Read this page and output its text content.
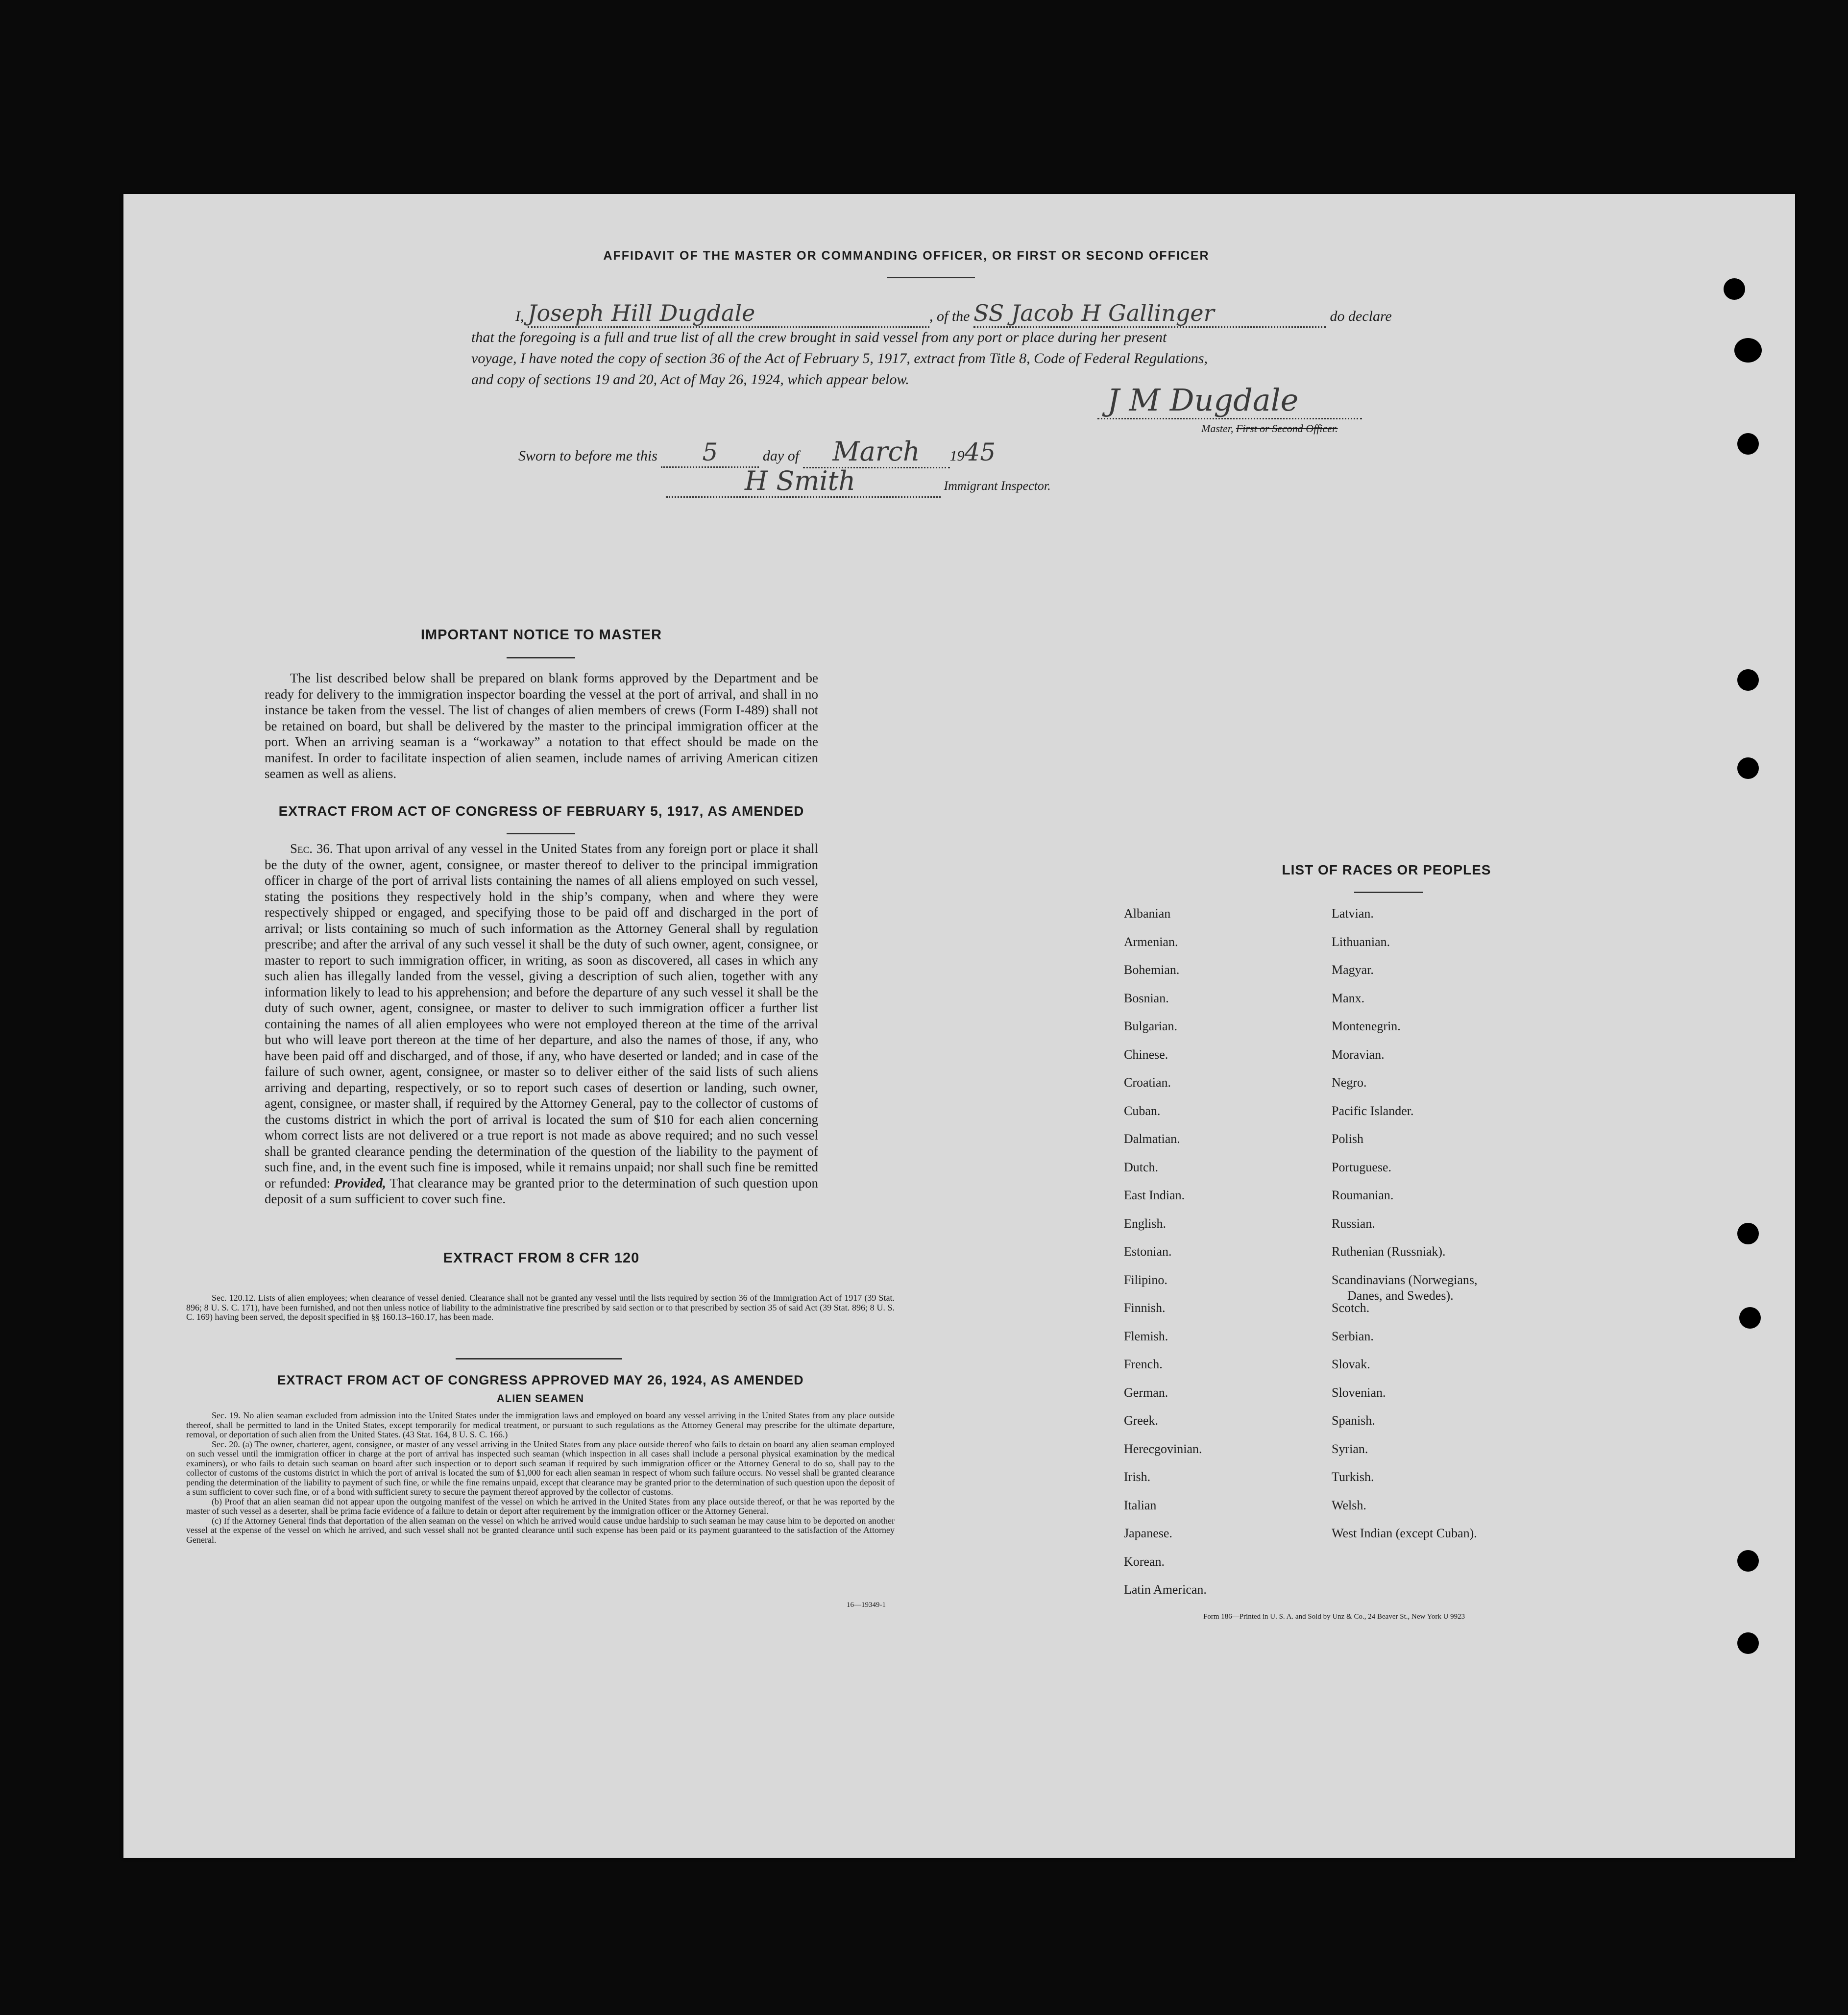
AFFIDAVIT OF THE MASTER OR COMMANDING OFFICER, OR FIRST OR SECOND OFFICER
I, Joseph Hill Dugdale	, of the SS Jacob H Gallinger	do declare
that the foregoing is a full and true list of all the crew brought in said vessel from any port or place during her present
voyage, I have noted the copy of section 36 of the Act of February 5, 1917, extract from Title 8, Code of Federal Regulations,
and copy of sections 19 and 20, Act of May 26, 1924, which appear below.
J M Dugdale
Master, First or Second Officer.
Sworn to before me this 5	day of March 1945
H Smith	Immigrant Inspector.
IMPORTANT NOTICE TO MASTER
The list described below shall be prepared on blank forms approved by the Department and be ready for delivery to the immigration inspector boarding the vessel at the port of arrival, and shall in no instance be taken from the vessel. The list of changes of alien members of crews (Form I-489) shall not be retained on board, but shall be delivered by the master to the principal immigration officer at the port. When an arriving seaman is a “workaway” a notation to that effect should be made on the manifest. In order to facilitate inspection of alien seamen, include names of arriving American citizen seamen as well as aliens.
EXTRACT FROM ACT OF CONGRESS OF FEBRUARY 5, 1917, AS AMENDED
Sec. 36. That upon arrival of any vessel in the United States from any foreign port or place it shall be the duty of the owner, agent, consignee, or master thereof to deliver to the principal immigration officer in charge of the port of arrival lists containing the names of all aliens employed on such vessel, stating the positions they respectively hold in the ship’s company, when and where they were respectively shipped or engaged, and specifying those to be paid off and discharged in the port of arrival; or lists containing so much of such information as the Attorney General shall by regulation prescribe; and after the arrival of any such vessel it shall be the duty of such owner, agent, consignee, or master to report to such immigration officer, in writing, as soon as discovered, all cases in which any such alien has illegally landed from the vessel, giving a description of such alien, together with any information likely to lead to his apprehension; and before the departure of any such vessel it shall be the duty of such owner, agent, consignee, or master to deliver to such immigration officer a further list containing the names of all alien employees who were not employed thereon at the time of the arrival but who will leave port thereon at the time of her departure, and also the names of those, if any, who have been paid off and discharged, and of those, if any, who have deserted or landed; and in case of the failure of such owner, agent, consignee, or master so to deliver either of the said lists of such aliens arriving and departing, respectively, or so to report such cases of desertion or landing, such owner, agent, consignee, or master shall, if required by the Attorney General, pay to the collector of customs of the customs district in which the port of arrival is located the sum of $10 for each alien concerning whom correct lists are not delivered or a true report is not made as above required; and no such vessel shall be granted clearance pending the determination of the question of the liability to the payment of such fine, and, in the event such fine is imposed, while it remains unpaid; nor shall such fine be remitted or refunded: Provided, That clearance may be granted prior to the determination of such question upon deposit of a sum sufficient to cover such fine.
EXTRACT FROM 8 CFR 120
Sec. 120.12. Lists of alien employees; when clearance of vessel denied. Clearance shall not be granted any vessel until the lists required by section 36 of the Immigration Act of 1917 (39 Stat. 896; 8 U. S. C. 171), have been furnished, and not then unless notice of liability to the administrative fine prescribed by said section or to that prescribed by section 35 of said Act (39 Stat. 896; 8 U. S. C. 169) having been served, the deposit specified in §§ 160.13–160.17, has been made.
EXTRACT FROM ACT OF CONGRESS APPROVED MAY 26, 1924, AS AMENDED
ALIEN SEAMEN
Sec. 19. No alien seaman excluded from admission into the United States under the immigration laws and employed on board any vessel arriving in the United States from any place outside thereof, shall be permitted to land in the United States, except temporarily for medical treatment, or pursuant to such regulations as the Attorney General may prescribe for the ultimate departure, removal, or deportation of such alien from the United States. (43 Stat. 164, 8 U. S. C. 166.)
Sec. 20. (a) The owner, charterer, agent, consignee, or master of any vessel arriving in the United States from any place outside thereof who fails to detain on board any alien seaman employed on such vessel until the immigration officer in charge at the port of arrival has inspected such seaman (which inspection in all cases shall include a personal physical examination by the medical examiners), or who fails to detain such seaman on board after such inspection or to deport such seaman if required by such immigration officer or the Attorney General to do so, shall pay to the collector of customs of the customs district in which the port of arrival is located the sum of $1,000 for each alien seaman in respect of whom such failure occurs. No vessel shall be granted clearance pending the determination of the liability to payment of such fine, or while the fine remains unpaid, except that clearance may be granted prior to the determination of such question upon the deposit of a sum sufficient to cover such fine, or of a bond with sufficient surety to secure the payment thereof approved by the collector of customs.
(b) Proof that an alien seaman did not appear upon the outgoing manifest of the vessel on which he arrived in the United States from any place outside thereof, or that he was reported by the master of such vessel as a deserter, shall be prima facie evidence of a failure to detain or deport after requirement by the immigration officer or the Attorney General.
(c) If the Attorney General finds that deportation of the alien seaman on the vessel on which he arrived would cause undue hardship to such seaman he may cause him to be deported on another vessel at the expense of the vessel on which he arrived, and such vessel shall not be granted clearance until such expense has been paid or its payment guaranteed to the satisfaction of the Attorney General.
16—19349-1
LIST OF RACES OR PEOPLES
Albanian
Armenian.
Bohemian.
Bosnian.
Bulgarian.
Chinese.
Croatian.
Cuban.
Dalmatian.
Dutch.
East Indian.
English.
Estonian.
Filipino.
Finnish.
Flemish.
French.
German.
Greek.
Herecgovinian.
Irish.
Italian
Japanese.
Korean.
Latin American.
Latvian.
Lithuanian.
Magyar.
Manx.
Montenegrin.
Moravian.
Negro.
Pacific Islander.
Polish
Portuguese.
Roumanian.
Russian.
Ruthenian (Russniak).
Scandinavians (Norwegians,
Danes, and Swedes).
Scotch.
Serbian.
Slovak.
Slovenian.
Spanish.
Syrian.
Turkish.
Welsh.
West Indian (except Cuban).
Form 186—Printed in U. S. A. and Sold by Unz & Co., 24 Beaver St., New York U 9923
